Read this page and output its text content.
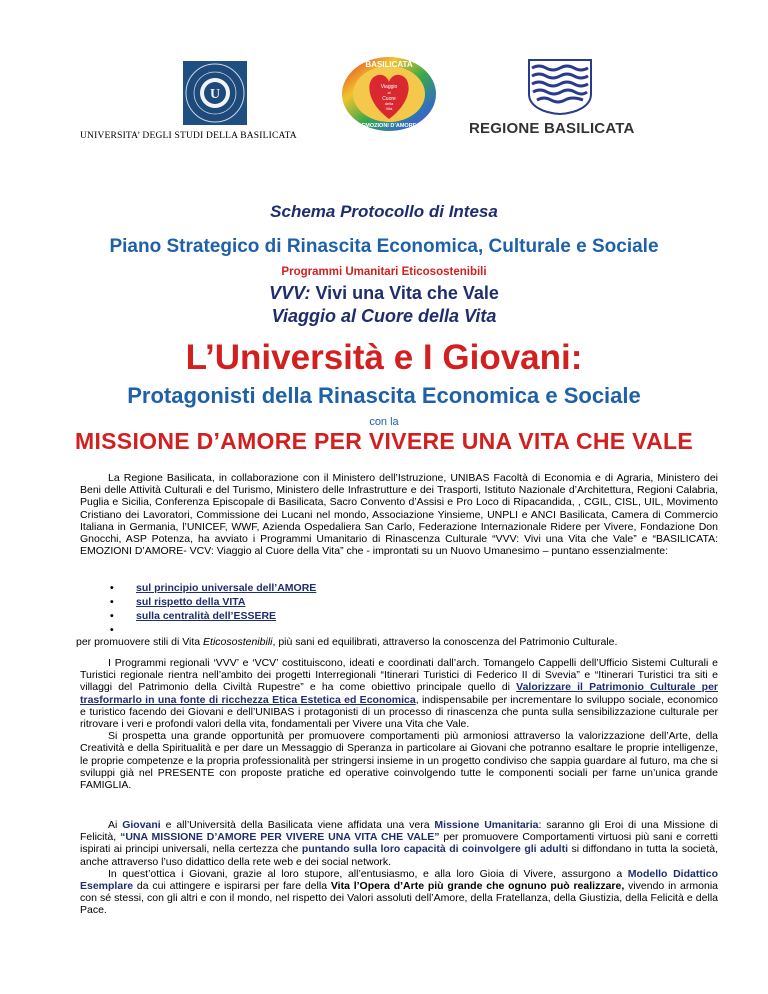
U
· · · · · ·
UNIVERSITA’ DEGLI STUDI DELLA BASILICATA
BASILICATA
Viaggio
al
Cuore
della
Vita
EMOZIONI D’AMORE	REGIONE BASILICATA
Schema Protocollo di Intesa
Piano Strategico di Rinascita Economica, Culturale e Sociale
Programmi Umanitari Eticosostenibili
VVV: Vivi una Vita che Vale
Viaggio al Cuore della Vita
L’Università e I Giovani:
Protagonisti della Rinascita Economica e Sociale
con la
MISSIONE D’AMORE PER VIVERE UNA VITA CHE VALE
La Regione Basilicata, in collaborazione con il Ministero dell’Istruzione, UNIBAS Facoltà di Economia e di Agraria, Ministero dei Beni delle Attività Culturali e del Turismo, Ministero delle Infrastrutture e dei Trasporti, Istituto Nazionale d’Architettura, Regioni Calabria, Puglia e Sicilia, Conferenza Episcopale di Basilicata, Sacro Convento d’Assisi e Pro Loco di Ripacandida, , CGIL, CISL, UIL, Movimento Cristiano dei Lavoratori, Commissione dei Lucani nel mondo, Associazione Yinsieme, UNPLI e ANCI Basilicata, Camera di Commercio Italiana in Germania, l’UNICEF, WWF, Azienda Ospedaliera San Carlo, Federazione Internazionale Ridere per Vivere, Fondazione Don Gnocchi, ASP Potenza, ha avviato i Programmi Umanitario di Rinascenza Culturale “VVV: Vivi una Vita che Vale” e “BASILICATA: EMOZIONI D’AMORE- VCV: Viaggio al Cuore della Vita” che - improntati su un Nuovo Umanesimo – puntano essenzialmente:
• sul principio universale dell’AMORE
• sul rispetto della VITA
• sulla centralità dell’ESSERE
•

per promuovere stili di Vita Eticosostenibili, più sani ed equilibrati, attraverso la conoscenza del Patrimonio Culturale.
I Programmi regionali ‘VVV’ e ‘VCV’ costituiscono, ideati e coordinati dall’arch. Tomangelo Cappelli dell’Ufficio Sistemi Culturali e Turistici regionale rientra nell’ambito dei progetti Interregionali “Itinerari Turistici di Federico II di Svevia” e “Itinerari Turistici tra siti e villaggi del Patrimonio della Civiltà Rupestre” e ha come obiettivo principale quello di Valorizzare il Patrimonio Culturale per trasformarlo in una fonte di ricchezza Etica Estetica ed Economica, indispensabile per incrementare lo sviluppo sociale, economico e turistico facendo dei Giovani e dell’UNIBAS i protagonisti di un processo di rinascenza che punta sulla sensibilizzazione culturale per ritrovare i veri e profondi valori della vita, fondamentali per Vivere una Vita che Vale.

Si prospetta una grande opportunità per promuovere comportamenti più armoniosi attraverso la valorizzazione dell’Arte, della Creatività e della Spiritualità e per dare un Messaggio di Speranza in particolare ai Giovani che potranno esaltare le proprie intelligenze, le proprie competenze e la propria professionalità per stringersi insieme in un progetto condiviso che sappia guardare al futuro, ma che si sviluppi già nel PRESENTE con proposte pratiche ed operative coinvolgendo tutte le componenti sociali per farne un’unica grande FAMIGLIA.
Ai Giovani e all’Università della Basilicata viene affidata una vera Missione Umanitaria: saranno gli Eroi di una Missione di Felicità, “UNA MISSIONE D’AMORE PER VIVERE UNA VITA CHE VALE” per promuovere Comportamenti virtuosi più sani e corretti ispirati ai principi universali, nella certezza che puntando sulla loro capacità di coinvolgere gli adulti si diffondano in tutta la società, anche attraverso l’uso didattico della rete web e dei social network.

In quest’ottica i Giovani, grazie al loro stupore, all’entusiasmo, e alla loro Gioia di Vivere, assurgono a Modello Didattico Esemplare da cui attingere e ispirarsi per fare della Vita l’Opera d’Arte più grande che ognuno può realizzare, vivendo in armonia con sé stessi, con gli altri e con il mondo, nel rispetto dei Valori assoluti dell’Amore, della Fratellanza, della Giustizia, della Felicità e della Pace.
